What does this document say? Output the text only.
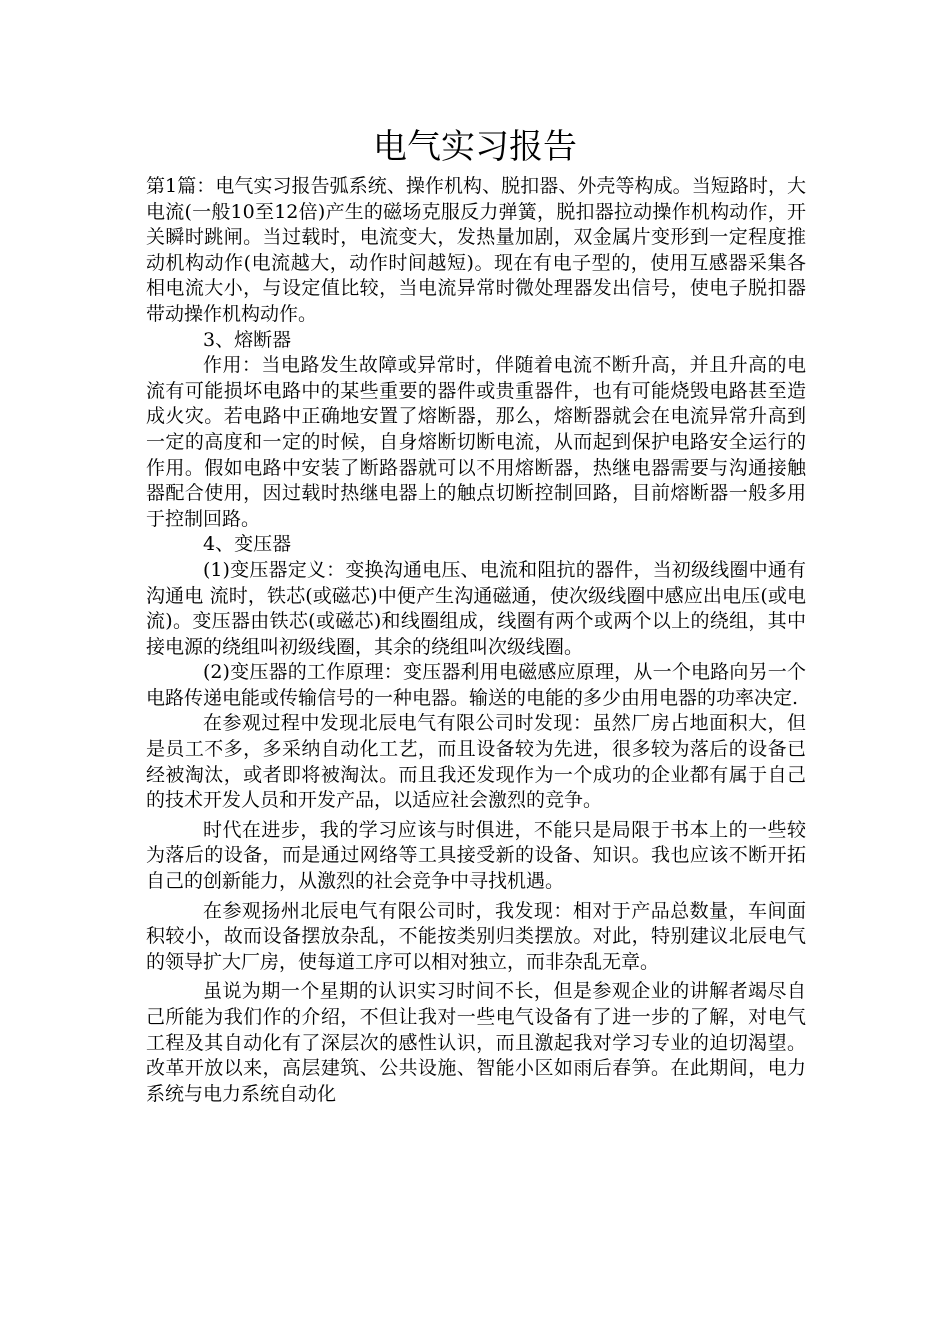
电气实习报告

第1篇：电气实习报告弧系统、操作机构、脱扣器、外壳等构成。当短路时，大电流(一般10至12倍)产生的磁场克服反力弹簧，脱扣器拉动操作机构动作，开关瞬时跳闸。当过载时，电流变大，发热量加剧，双金属片变形到一定程度推动机构动作(电流越大，动作时间越短)。现在有电子型的，使用互感器采集各相电流大小，与设定值比较，当电流异常时微处理器发出信号，使电子脱扣器带动操作机构动作。

3、熔断器

作用：当电路发生故障或异常时，伴随着电流不断升高，并且升高的电流有可能损坏电路中的某些重要的器件或贵重器件，也有可能烧毁电路甚至造成火灾。若电路中正确地安置了熔断器，那么，熔断器就会在电流异常升高到一定的高度和一定的时候，自身熔断切断电流，从而起到保护电路安全运行的作用。假如电路中安装了断路器就可以不用熔断器，热继电器需要与沟通接触器配合使用，因过载时热继电器上的触点切断控制回路，目前熔断器一般多用于控制回路。

4、变压器

(1)变压器定义：变换沟通电压、电流和阻抗的器件，当初级线圈中通有沟通电 流时，铁芯(或磁芯)中便产生沟通磁通，使次级线圈中感应出电压(或电流)。变压器由铁芯(或磁芯)和线圈组成，线圈有两个或两个以上的绕组，其中接电源的绕组叫初级线圈，其余的绕组叫次级线圈。

(2)变压器的工作原理：变压器利用电磁感应原理，从一个电路向另一个电路传递电能或传输信号的一种电器。输送的电能的多少由用电器的功率决定.

在参观过程中发现北辰电气有限公司时发现：虽然厂房占地面积大，但是员工不多，多采纳自动化工艺，而且设备较为先进，很多较为落后的设备已经被淘汰，或者即将被淘汰。而且我还发现作为一个成功的企业都有属于自己的技术开发人员和开发产品，以适应社会激烈的竞争。

时代在进步，我的学习应该与时俱进，不能只是局限于书本上的一些较为落后的设备，而是通过网络等工具接受新的设备、知识。我也应该不断开拓自己的创新能力，从激烈的社会竞争中寻找机遇。

在参观扬州北辰电气有限公司时，我发现：相对于产品总数量，车间面积较小，故而设备摆放杂乱，不能按类别归类摆放。对此，特别建议北辰电气的领导扩大厂房，使每道工序可以相对独立，而非杂乱无章。

虽说为期一个星期的认识实习时间不长，但是参观企业的讲解者竭尽自己所能为我们作的介绍，不但让我对一些电气设备有了进一步的了解，对电气工程及其自动化有了深层次的感性认识，而且激起我对学习专业的迫切渴望。改革开放以来，高层建筑、公共设施、智能小区如雨后春笋。在此期间，电力系统与电力系统自动化
